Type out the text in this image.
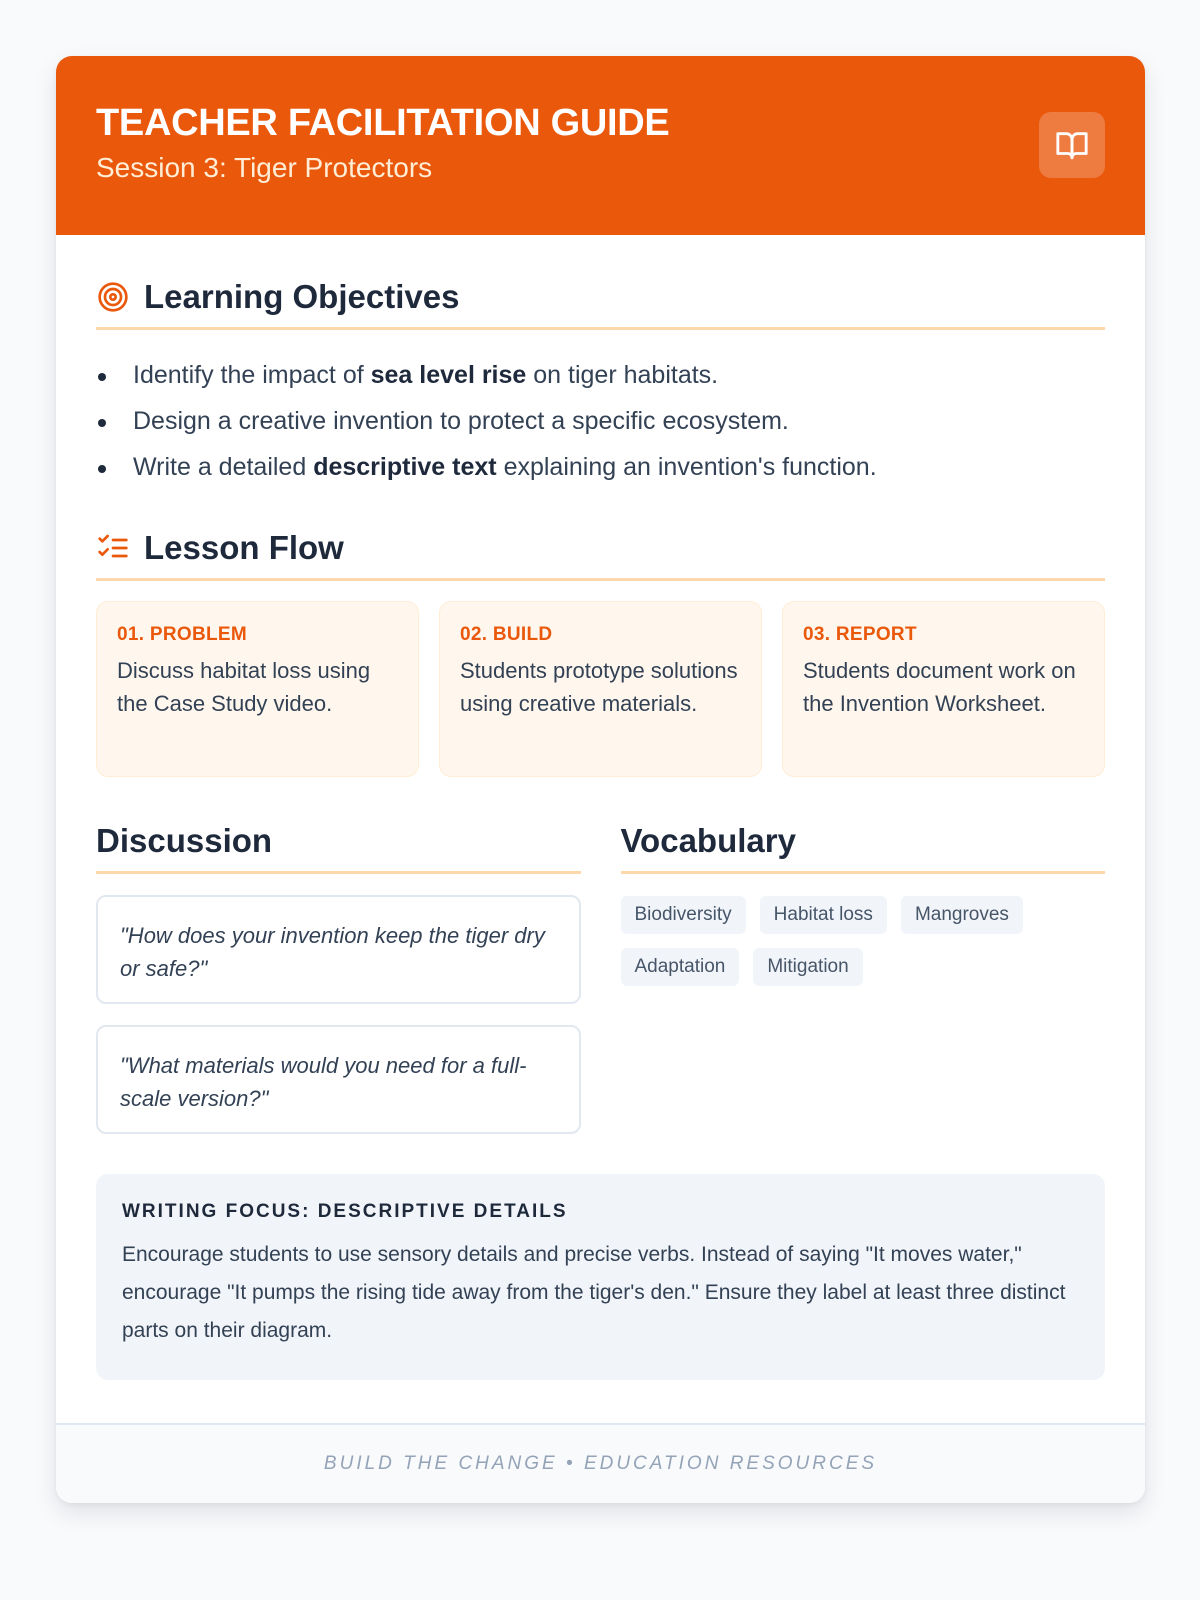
TEACHER FACILITATION GUIDE
Session 3: Tiger Protectors
Learning Objectives
Identify the impact of sea level rise on tiger habitats.
Design a creative invention to protect a specific ecosystem.
Write a detailed descriptive text explaining an invention's function.
Lesson Flow
01. PROBLEM
Discuss habitat loss using the Case Study video.
02. BUILD
Students prototype solutions using creative materials.
03. REPORT
Students document work on the Invention Worksheet.
Discussion
"How does your invention keep the tiger dry or safe?"
"What materials would you need for a full-scale version?"
Vocabulary
Biodiversity	Habitat loss	Mangroves
Adaptation	Mitigation
WRITING FOCUS: DESCRIPTIVE DETAILS
Encourage students to use sensory details and precise verbs. Instead of saying "It moves water," encourage "It pumps the rising tide away from the tiger's den." Ensure they label at least three distinct parts on their diagram.
BUILD THE CHANGE • EDUCATION RESOURCES
